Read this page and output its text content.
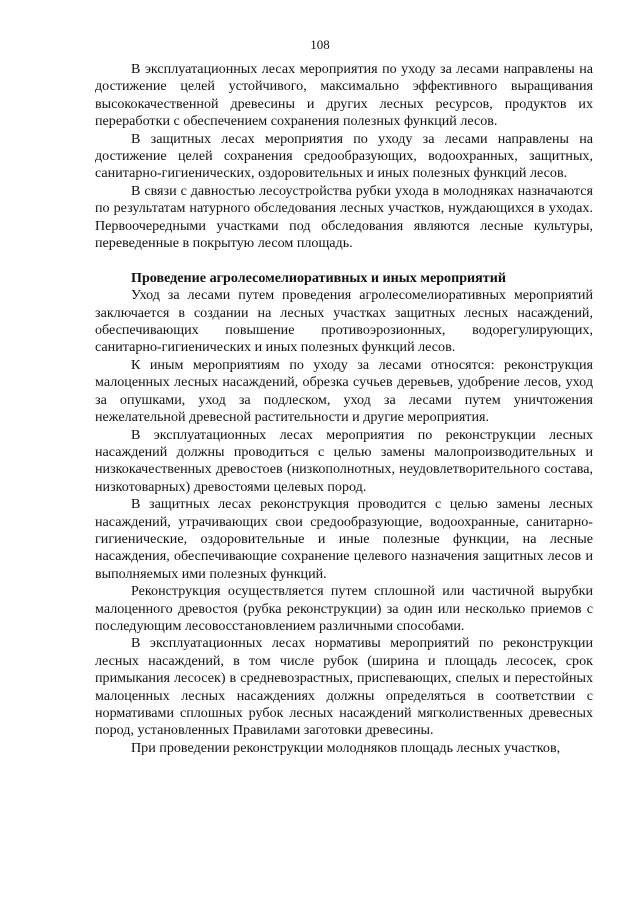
108

В эксплуатационных лесах мероприятия по уходу за лесами направлены на достижение целей устойчивого, максимально эффективного выращивания высококачественной древесины и других лесных ресурсов, продуктов их переработки с обеспечением сохранения полезных функций лесов.

В защитных лесах мероприятия по уходу за лесами направлены на достижение целей сохранения средообразующих, водоохранных, защитных, санитарно-гигиенических, оздоровительных и иных полезных функций лесов.

В связи с давностью лесоустройства рубки ухода в молодняках назначаются по результатам натурного обследования лесных участков, нуждающихся в уходах. Первоочередными участками под обследования являются лесные культуры, переведенные в покрытую лесом площадь.

Проведение агролесомелиоративных и иных мероприятий

Уход за лесами путем проведения агролесомелиоративных мероприятий заключается в создании на лесных участках защитных лесных насаждений, обеспечивающих повышение противоэрозионных, водорегулирующих, санитарно-гигиенических и иных полезных функций лесов.

К иным мероприятиям по уходу за лесами относятся: реконструкция малоценных лесных насаждений, обрезка сучьев деревьев, удобрение лесов, уход за опушками, уход за подлеском, уход за лесами путем уничтожения нежелательной древесной растительности и другие мероприятия.

В эксплуатационных лесах мероприятия по реконструкции лесных насаждений должны проводиться с целью замены малопроизводительных и низкокачественных древостоев (низкополнотных, неудовлетворительного состава, низкотоварных) древостоями целевых пород.

В защитных лесах реконструкция проводится с целью замены лесных насаждений, утрачивающих свои средообразующие, водоохранные, санитарно-гигиенические, оздоровительные и иные полезные функции, на лесные насаждения, обеспечивающие сохранение целевого назначения защитных лесов и выполняемых ими полезных функций.

Реконструкция осуществляется путем сплошной или частичной вырубки малоценного древостоя (рубка реконструкции) за один или несколько приемов с последующим лесовосстановлением различными способами.

В эксплуатационных лесах нормативы мероприятий по реконструкции лесных насаждений, в том числе рубок (ширина и площадь лесосек, срок примыкания лесосек) в средневозрастных, приспевающих, спелых и перестойных малоценных лесных насаждениях должны определяться в соответствии с нормативами сплошных рубок лесных насаждений мягколиственных древесных пород, установленных Правилами заготовки древесины.

При проведении реконструкции молодняков площадь лесных участков,
